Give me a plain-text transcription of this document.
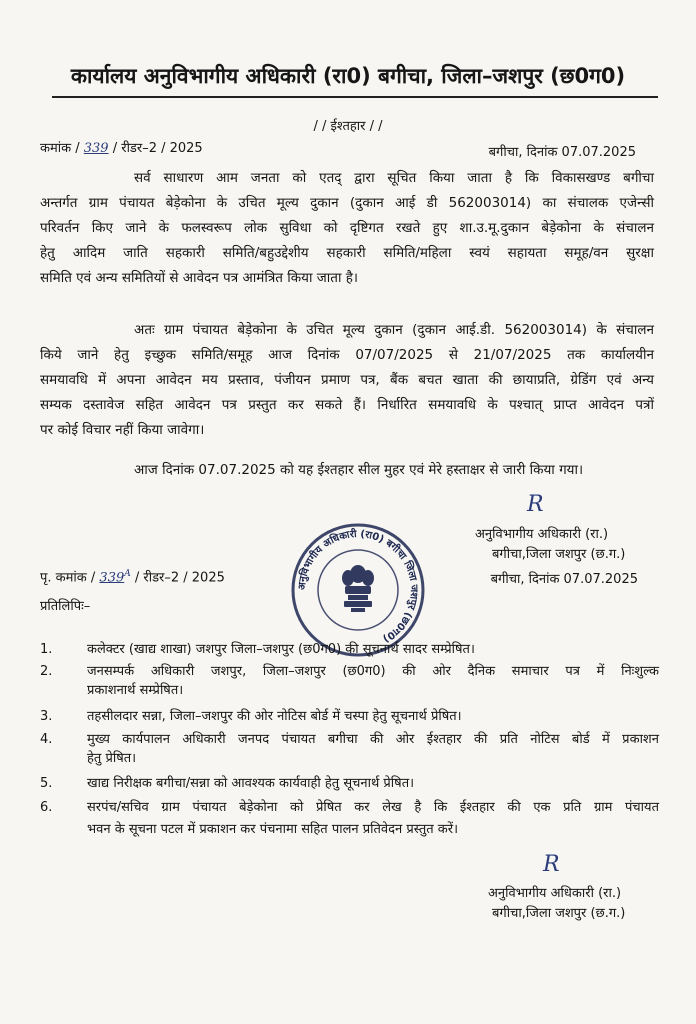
कार्यालय अनुविभागीय अधिकारी (रा0) बगीचा, जिला–जशपुर (छ0ग0)
/ / ईश्तहार / /
कमांक / 339 / रीडर–2 / 2025	बगीचा, दिनांक 07.07.2025
सर्व साधारण आम जनता को एतद् द्वारा सूचित किया जाता है कि विकासखण्ड बगीचा
अन्तर्गत ग्राम पंचायत बेड़ेकोना के उचित मूल्य दुकान (दुकान आई डी 562003014) का संचालक एजेन्सी
परिवर्तन किए जाने के फलस्वरूप लोक सुविधा को दृष्टिगत रखते हुए शा.उ.मू.दुकान बेड़ेकोना के संचालन
हेतु आदिम जाति सहकारी समिति/बहुउद्देशीय सहकारी समिति/महिला स्वयं सहायता समूह/वन सुरक्षा
समिति एवं अन्य समितियों से आवेदन पत्र आमंत्रित किया जाता है।
अतः ग्राम पंचायत बेड़ेकोना के उचित मूल्य दुकान (दुकान आई.डी. 562003014) के संचालन
किये जाने हेतु इच्छुक समिति/समूह आज दिनांक 07/07/2025 से 21/07/2025 तक कार्यालयीन
समयावधि में अपना आवेदन मय प्रस्ताव, पंजीयन प्रमाण पत्र, बैंक बचत खाता की छायाप्रति, ग्रेडिंग एवं अन्य
सम्यक दस्तावेज सहित आवेदन पत्र प्रस्तुत कर सकते हैं। निर्धारित समयावधि के पश्चात् प्राप्त आवेदन पत्रों
पर कोई विचार नहीं किया जावेगा।
आज दिनांक 07.07.2025 को यह ईश्तहार सील मुहर एवं मेरे हस्ताक्षर से जारी किया गया।
R
अनुविभागीय अधिकारी (रा.)
बगीचा,जिला जशपुर (छ.ग.)
अनुविभागीय अधिकारी (रा0) बगीचा जिला जशपुर (छ0ग0)
पृ. कमांक / $339^A$ / रीडर–2 / 2025	बगीचा, दिनांक 07.07.2025
प्रतिलिपिः–
1.	कलेक्टर (खाद्य शाखा) जशपुर जिला–जशपुर (छ0ग0) की सूचनार्थ सादर सम्प्रेषित।
2.	जनसम्पर्क अधिकारी जशपुर, जिला–जशपुर (छ0ग0) की ओर दैनिक समाचार पत्र में निःशुल्क
प्रकाशनार्थ सम्प्रेषित।
3.	तहसीलदार सन्ना, जिला–जशपुर की ओर नोटिस बोर्ड में चस्पा हेतु सूचनार्थ प्रेषित।
4.	मुख्य कार्यपालन अधिकारी जनपद पंचायत बगीचा की ओर ईश्तहार की प्रति नोटिस बोर्ड में प्रकाशन
हेतु प्रेषित।
5.	खाद्य निरीक्षक बगीचा/सन्ना को आवश्यक कार्यवाही हेतु सूचनार्थ प्रेषित।
6.	सरपंच/सचिव ग्राम पंचायत बेड़ेकोना को प्रेषित कर लेख है कि ईश्तहार की एक प्रति ग्राम पंचायत
भवन के सूचना पटल में प्रकाशन कर पंचनामा सहित पालन प्रतिवेदन प्रस्तुत करें।
R
अनुविभागीय अधिकारी (रा.)
बगीचा,जिला जशपुर (छ.ग.)
